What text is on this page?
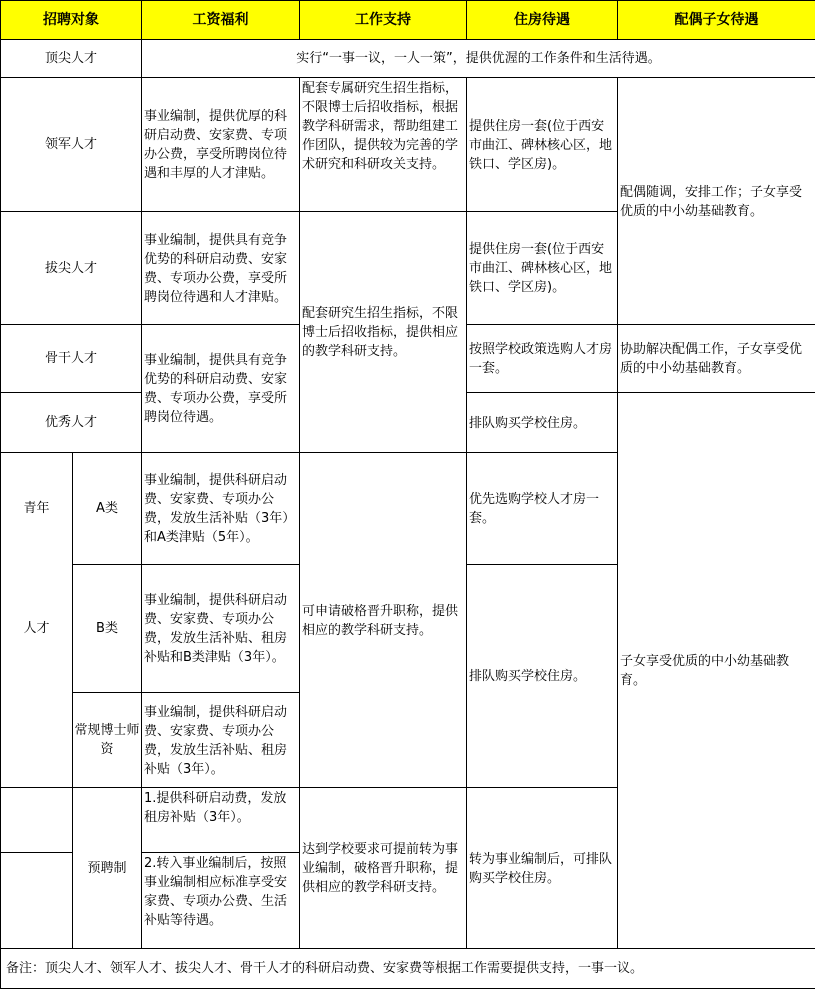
招聘对象		工资福利	工作支持	住房待遇	配偶子女待遇
顶尖人才		实行“一事一议，一人一策”，提供优渥的工作条件和生活待遇。			
领军人才		事业编制，提供优厚的科研启动费、安家费、专项办公费，享受所聘岗位待遇和丰厚的人才津贴。	配套专属研究生招生指标，不限博士后招收指标，根据教学科研需求，帮助组建工作团队，提供较为完善的学术研究和科研攻关支持。	提供住房一套(位于西安市曲江、碑林核心区，地铁口、学区房)。	配偶随调，安排工作；子女享受优质的中小幼基础教育。
拔尖人才		事业编制，提供具有竞争优势的科研启动费、安家费、专项办公费，享受所聘岗位待遇和人才津贴。	配套研究生招生指标，不限博士后招收指标，提供相应的教学科研支持。	提供住房一套(位于西安市曲江、碑林核心区，地铁口、学区房)。	
骨干人才		事业编制，提供具有竞争优势的科研启动费、安家费、专项办公费，享受所聘岗位待遇。		按照学校政策选购人才房一套。	协助解决配偶工作，子女享受优质的中小幼基础教育。
优秀人才				排队购买学校住房。	子女享受优质的中小幼基础教育。
青年	A类	事业编制，提供科研启动费、安家费、专项办公费，发放生活补贴（3年）和A类津贴（5年）。	可申请破格晋升职称，提供相应的教学科研支持。	优先选购学校人才房一套。	
人才	B类	事业编制，提供科研启动费、安家费、专项办公费，发放生活补贴、租房补贴和B类津贴（3年）。		排队购买学校住房。	
	常规博士师资	事业编制，提供科研启动费、安家费、专项办公费，发放生活补贴、租房补贴（3年）。			
	预聘制	1.提供科研启动费，发放租房补贴（3年）。	达到学校要求可提前转为事业编制，破格晋升职称，提供相应的教学科研支持。	转为事业编制后，可排队购买学校住房。	
		2.转入事业编制后，按照事业编制相应标准享受安家费、专项办公费、生活补贴等待遇。			
备注：顶尖人才、领军人才、拔尖人才、骨干人才的科研启动费、安家费等根据工作需要提供支持，一事一议。					
